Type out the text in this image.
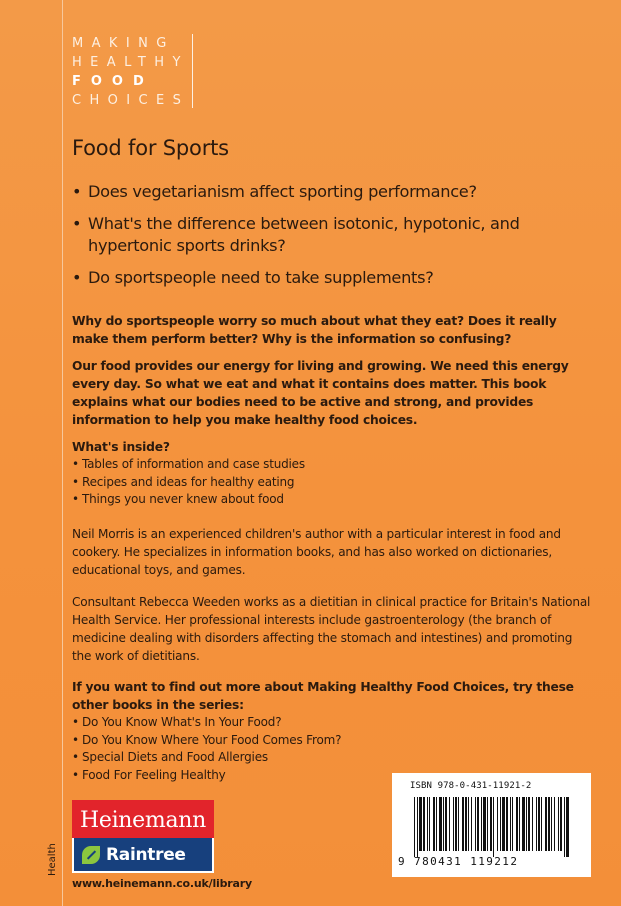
MAKING
HEALTHY
FOOD
CHOICES
Food for Sports
• Does vegetarianism affect sporting performance?
• What's the difference between isotonic, hypotonic, and hypertonic sports drinks?
• Do sportspeople need to take supplements?

Why do sportspeople worry so much about what they eat? Does it really make them perform better? Why is the information so confusing?

Our food provides our energy for living and growing. We need this energy every day. So what we eat and what it contains does matter. This book explains what our bodies need to be active and strong, and provides information to help you make healthy food choices.

What's inside?
• Tables of information and case studies
• Recipes and ideas for healthy eating
• Things you never knew about food

Neil Morris is an experienced children's author with a particular interest in food and cookery. He specializes in information books, and has also worked on dictionaries, educational toys, and games.

Consultant Rebecca Weeden works as a dietitian in clinical practice for Britain's National Health Service. Her professional interests include gastroenterology (the branch of medicine dealing with disorders affecting the stomach and intestines) and promoting the work of dietitians.

If you want to find out more about Making Healthy Food Choices, try these other books in the series:
• Do You Know What's In Your Food?
• Do You Know Where Your Food Comes From?
• Special Diets and Food Allergies
• Food For Feeling Healthy
Heinemann
Raintree
www.heinemann.co.uk/library
Health
ISBN 978-0-431-11921-2
9 780431 119212
